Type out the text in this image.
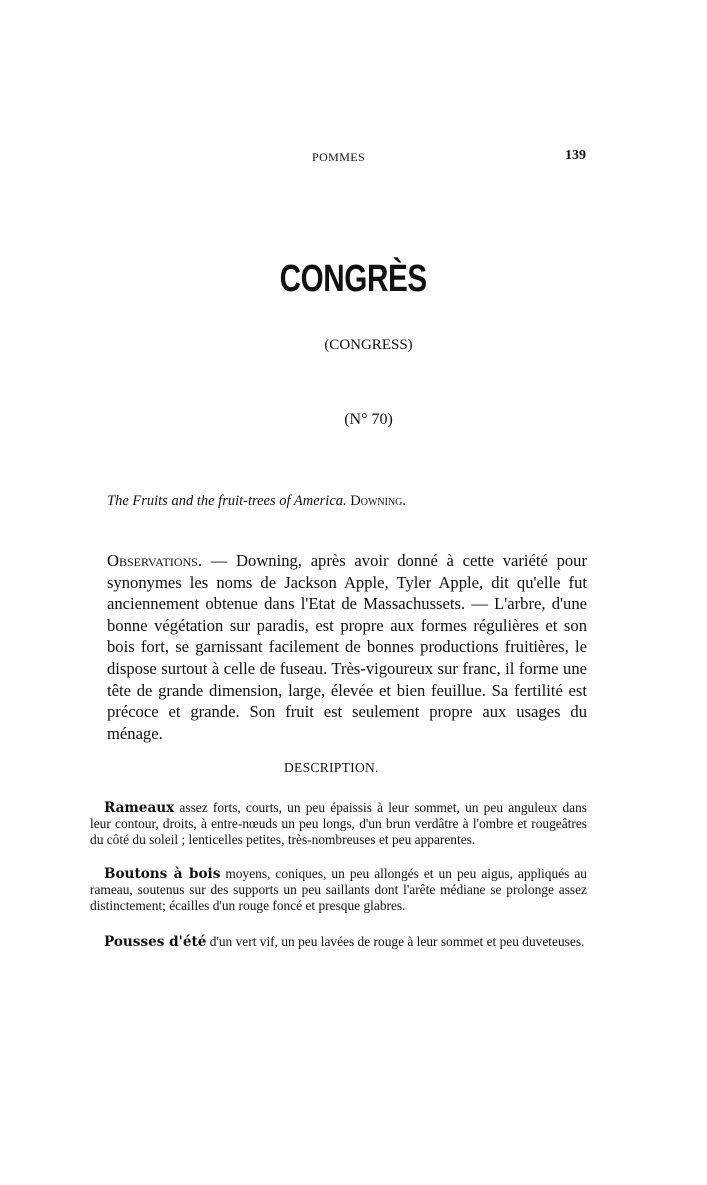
POMMES	139
CONGRÈS
(CONGRESS)
(N° 70)
The Fruits and the fruit-trees of America. Downing.

Observations. — Downing, après avoir donné à cette variété pour synonymes les noms de Jackson Apple, Tyler Apple, dit qu'elle fut anciennement obtenue dans l'Etat de Massachussets. — L'arbre, d'une bonne végétation sur paradis, est propre aux formes régulières et son bois fort, se garnissant facilement de bonnes productions fruitières, le dispose surtout à celle de fuseau. Très-vigoureux sur franc, il forme une tête de grande dimension, large, élevée et bien feuillue. Sa fertilité est précoce et grande. Son fruit est seulement propre aux usages du ménage.

DESCRIPTION.

Rameaux assez forts, courts, un peu épaissis à leur sommet, un peu anguleux dans leur contour, droits, à entre-nœuds un peu longs, d'un brun verdâtre à l'ombre et rougeâtres du côté du soleil ; lenticelles petites, très-nombreuses et peu apparentes.

Boutons à bois moyens, coniques, un peu allongés et un peu aigus, appliqués au rameau, soutenus sur des supports un peu saillants dont l'arête médiane se prolonge assez distinctement; écailles d'un rouge foncé et presque glabres.

Pousses d'été d'un vert vif, un peu lavées de rouge à leur sommet et peu duveteuses.
